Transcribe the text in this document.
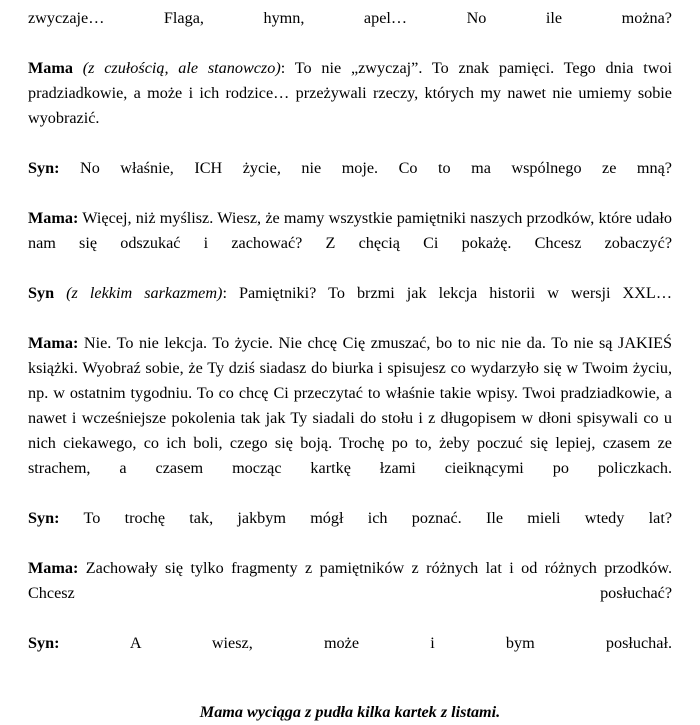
zwyczaje… Flaga, hymn, apel… No ile można?

Mama (z czułością, ale stanowczo): To nie „zwyczaj”. To znak pamięci. Tego dnia twoi pradziadkowie, a może i ich rodzice… przeżywali rzeczy, których my nawet nie umiemy sobie wyobrazić.

Syn: No właśnie, ICH życie, nie moje. Co to ma wspólnego ze mną?

Mama: Więcej, niż myślisz. Wiesz, że mamy wszystkie pamiętniki naszych przodków, które udało nam się odszukać i zachować? Z chęcią Ci pokażę. Chcesz zobaczyć?

Syn (z lekkim sarkazmem): Pamiętniki? To brzmi jak lekcja historii w wersji XXL…

Mama: Nie. To nie lekcja. To życie. Nie chcę Cię zmuszać, bo to nic nie da. To nie są JAKIEŚ książki. Wyobraź sobie, że Ty dziś siadasz do biurka i spisujesz co wydarzyło się w Twoim życiu, np. w ostatnim tygodniu. To co chcę Ci przeczytać to właśnie takie wpisy. Twoi pradziadkowie, a nawet i wcześniejsze pokolenia tak jak Ty siadali do stołu i z długopisem w dłoni spisywali co u nich ciekawego, co ich boli, czego się boją. Trochę po to, żeby poczuć się lepiej, czasem ze strachem, a czasem mocząc kartkę łzami cieiknącymi po policzkach.

Syn: To trochę tak, jakbym mógł ich poznać. Ile mieli wtedy lat?

Mama: Zachowały się tylko fragmenty z pamiętników z różnych lat i od różnych przodków. Chcesz posłuchać?

Syn:	A wiesz, może i bym posłuchał.

Mama wyciąga z pudła kilka kartek z listami.
